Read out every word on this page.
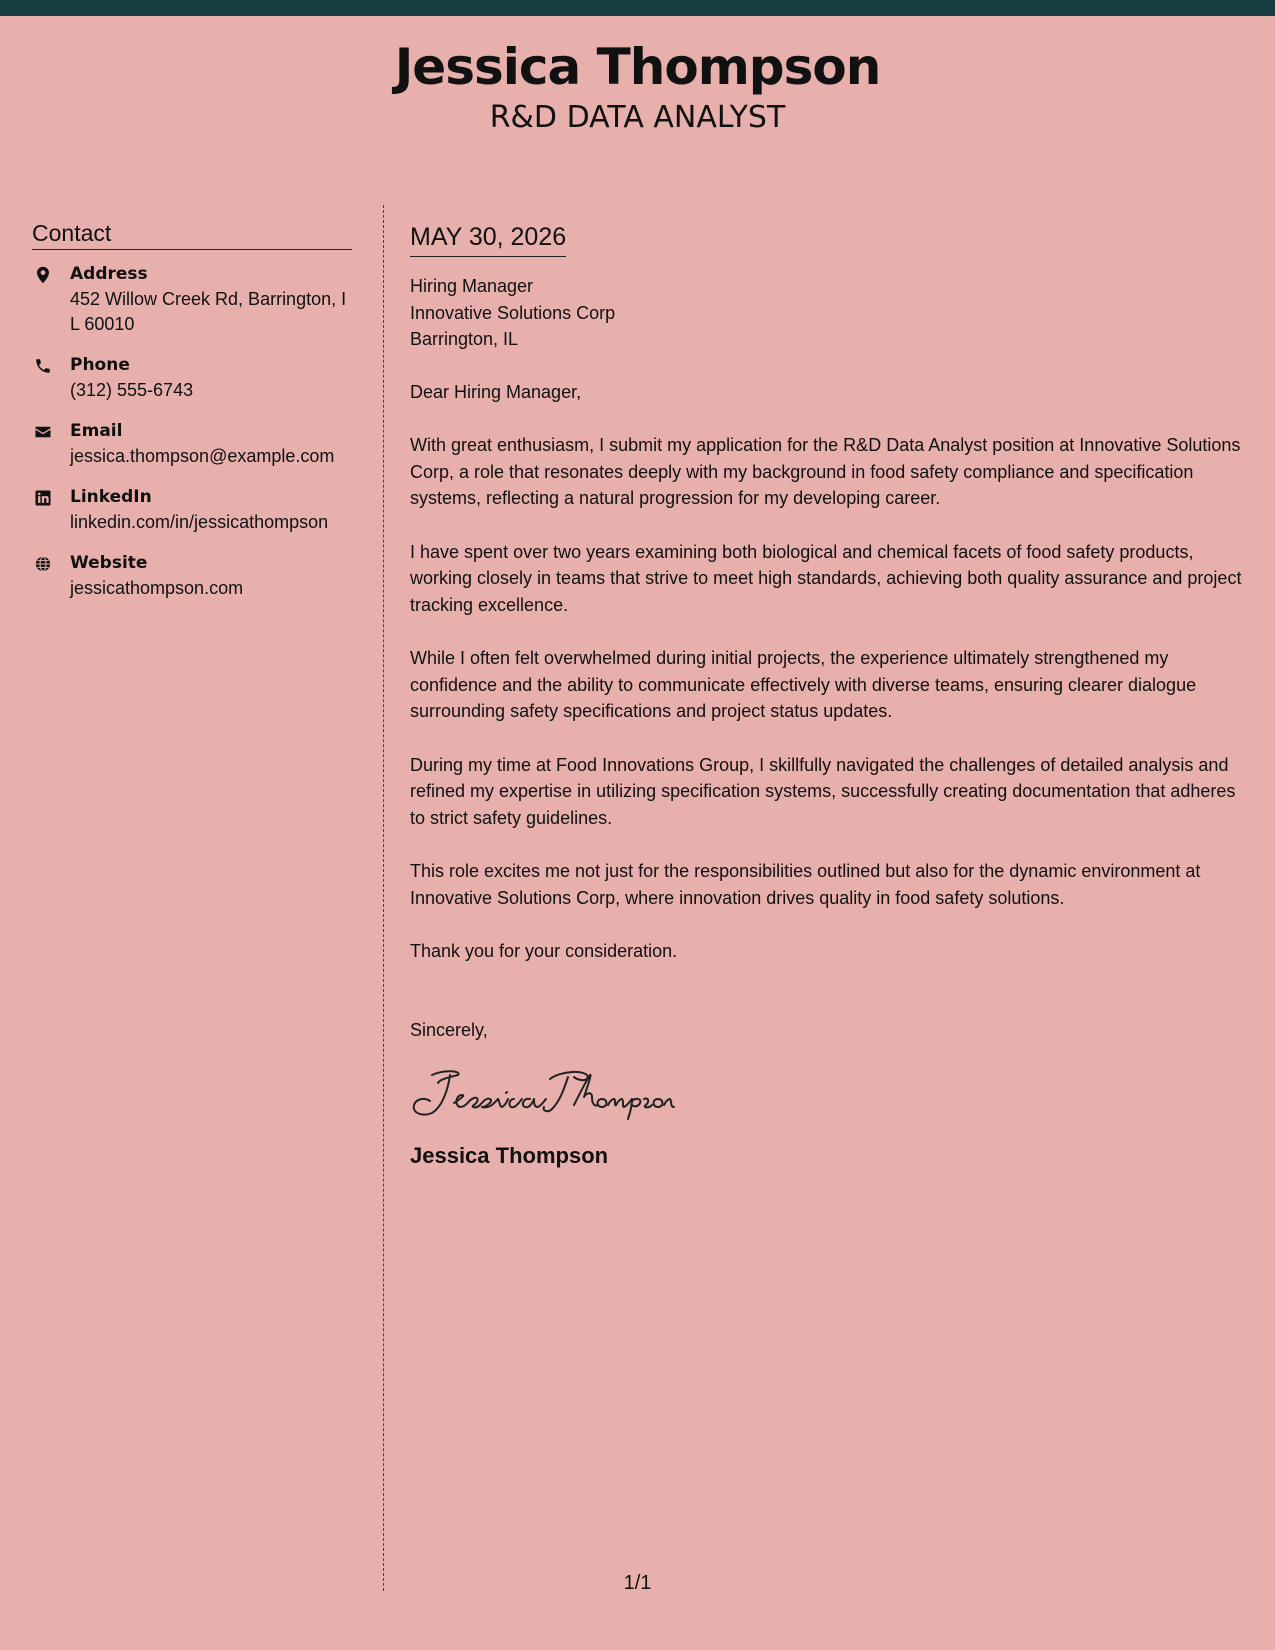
Jessica Thompson
R&D DATA ANALYST
Contact
Address
452 Willow Creek Rd, Barrington, IL 60010
Phone
(312) 555-6743
Email
jessica.thompson@example.com
LinkedIn
linkedin.com/in/jessicathompson
Website
jessicathompson.com
MAY 30, 2026
Hiring Manager
Innovative Solutions Corp
Barrington, IL

Dear Hiring Manager,

With great enthusiasm, I submit my application for the R&D Data Analyst position at Innovative Solutions Corp, a role that resonates deeply with my background in food safety compliance and specification systems, reflecting a natural progression for my developing career.

I have spent over two years examining both biological and chemical facets of food safety products, working closely in teams that strive to meet high standards, achieving both quality assurance and project tracking excellence.

While I often felt overwhelmed during initial projects, the experience ultimately strengthened my confidence and the ability to communicate effectively with diverse teams, ensuring clearer dialogue surrounding safety specifications and project status updates.

During my time at Food Innovations Group, I skillfully navigated the challenges of detailed analysis and refined my expertise in utilizing specification systems, successfully creating documentation that adheres to strict safety guidelines.

This role excites me not just for the responsibilities outlined but also for the dynamic environment at Innovative Solutions Corp, where innovation drives quality in food safety solutions.

Thank you for your consideration.

Sincerely,

Jessica Thompson
1/1
